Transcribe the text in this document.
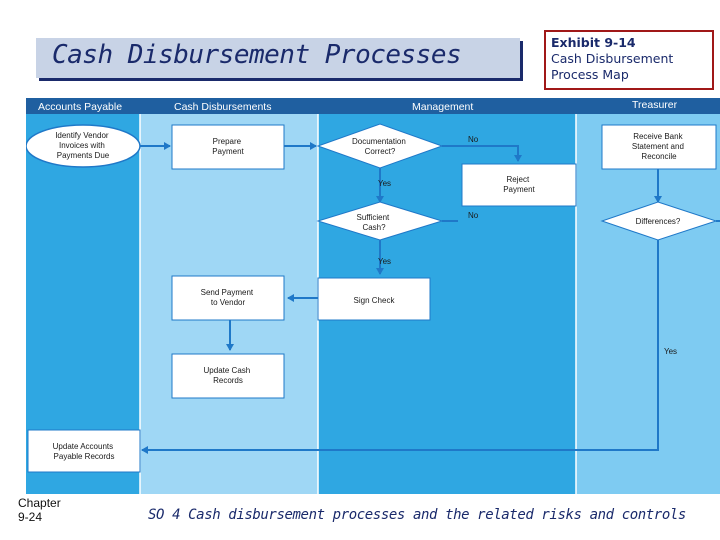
Cash Disbursement Processes	Exhibit 9-14
Cash Disbursement
Process Map
Accounts Payable	Cash Disbursements	Management	Treasurer
Identify Vendor Invoices with Payments Due
Update Accounts Payable Records
Prepare Payment
Send Payment to Vendor
Update Cash Records
Documentation Correct?
No
Yes	Reject Payment
Sufficient Cash?
No
Yes
Sign Check
Receive Bank Statement and Reconcile
Differences?
Yes
Chapter
9-24	SO 4 Cash disbursement processes and the related risks and controls
